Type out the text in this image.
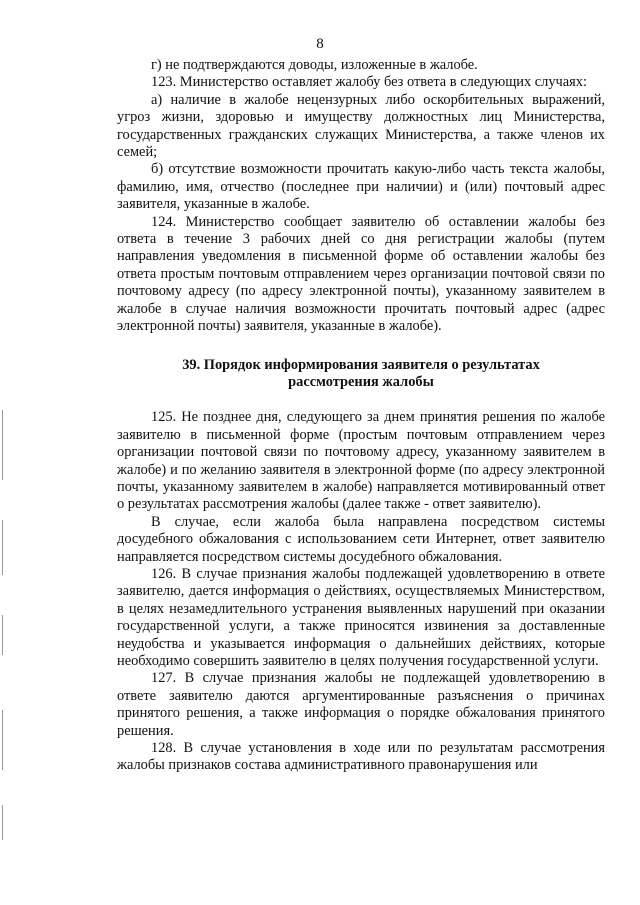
8

г) не подтверждаются доводы, изложенные в жалобе.

123. Министерство оставляет жалобу без ответа в следующих случаях:

а) наличие в жалобе нецензурных либо оскорбительных выражений, угроз жизни, здоровью и имуществу должностных лиц Министерства, государственных гражданских служащих Министерства, а также членов их семей;

б) отсутствие возможности прочитать какую-либо часть текста жалобы, фамилию, имя, отчество (последнее при наличии) и (или) почтовый адрес заявителя, указанные в жалобе.

124. Министерство сообщает заявителю об оставлении жалобы без ответа в течение 3 рабочих дней со дня регистрации жалобы (путем направления уведомления в письменной форме об оставлении жалобы без ответа простым почтовым отправлением через организации почтовой связи по почтовому адресу (по адресу электронной почты), указанному заявителем в жалобе в случае наличия возможности прочитать почтовый адрес (адрес электронной почты) заявителя, указанные в жалобе).

39. Порядок информирования заявителя о результатах
рассмотрения жалобы

125. Не позднее дня, следующего за днем принятия решения по жалобе заявителю в письменной форме (простым почтовым отправлением через организации почтовой связи по почтовому адресу, указанному заявителем в жалобе) и по желанию заявителя в электронной форме (по адресу электронной почты, указанному заявителем в жалобе) направляется мотивированный ответ о результатах рассмотрения жалобы (далее также - ответ заявителю).

В случае, если жалоба была направлена посредством системы досудебного обжалования с использованием сети Интернет, ответ заявителю направляется посредством системы досудебного обжалования.

126. В случае признания жалобы подлежащей удовлетворению в ответе заявителю, дается информация о действиях, осуществляемых Министерством, в целях незамедлительного устранения выявленных нарушений при оказании государственной услуги, а также приносятся извинения за доставленные неудобства и указывается информация о дальнейших действиях, которые необходимо совершить заявителю в целях получения государственной услуги.

127. В случае признания жалобы не подлежащей удовлетворению в ответе заявителю даются аргументированные разъяснения о причинах принятого решения, а также информация о порядке обжалования принятого решения.

128. В случае установления в ходе или по результатам рассмотрения жалобы признаков состава административного правонарушения или
